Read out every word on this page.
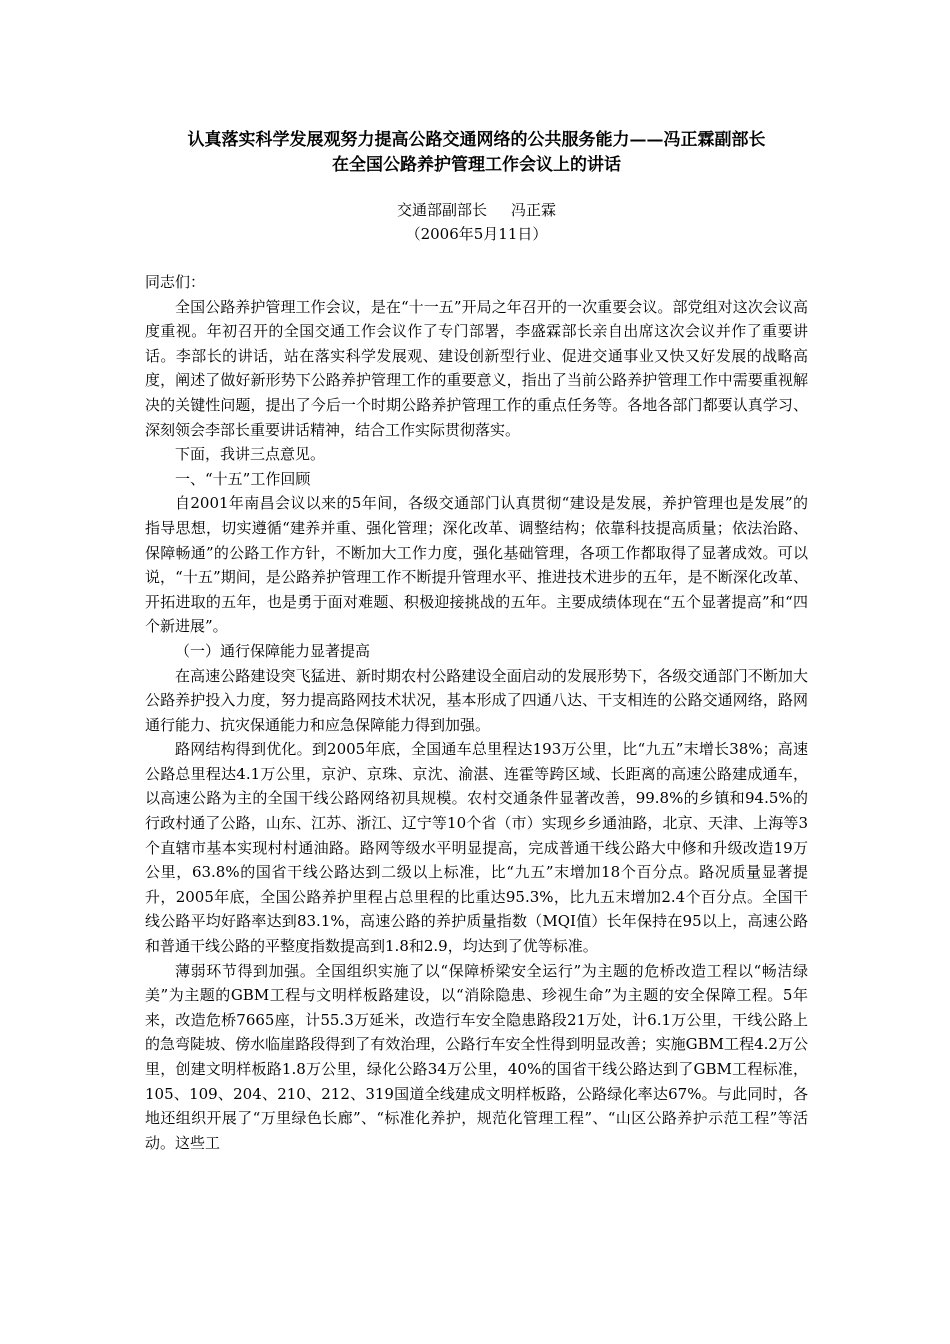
认真落实科学发展观努力提高公路交通网络的公共服务能力——冯正霖副部长
在全国公路养护管理工作会议上的讲话
交通部副部长 冯正霖
（2006年5月11日）

同志们：

全国公路养护管理工作会议，是在“十一五”开局之年召开的一次重要会议。部党组对这次会议高度重视。年初召开的全国交通工作会议作了专门部署，李盛霖部长亲自出席这次会议并作了重要讲话。李部长的讲话，站在落实科学发展观、建设创新型行业、促进交通事业又快又好发展的战略高度，阐述了做好新形势下公路养护管理工作的重要意义，指出了当前公路养护管理工作中需要重视解决的关键性问题，提出了今后一个时期公路养护管理工作的重点任务等。各地各部门都要认真学习、深刻领会李部长重要讲话精神，结合工作实际贯彻落实。

下面，我讲三点意见。

一、“十五”工作回顾

自2001年南昌会议以来的5年间，各级交通部门认真贯彻“建设是发展，养护管理也是发展”的指导思想，切实遵循“建养并重、强化管理；深化改革、调整结构；依靠科技提高质量；依法治路、保障畅通”的公路工作方针，不断加大工作力度，强化基础管理，各项工作都取得了显著成效。可以说，“十五”期间，是公路养护管理工作不断提升管理水平、推进技术进步的五年，是不断深化改革、开拓进取的五年，也是勇于面对难题、积极迎接挑战的五年。主要成绩体现在“五个显著提高”和“四个新进展”。

（一）通行保障能力显著提高

在高速公路建设突飞猛进、新时期农村公路建设全面启动的发展形势下，各级交通部门不断加大公路养护投入力度，努力提高路网技术状况，基本形成了四通八达、干支相连的公路交通网络，路网通行能力、抗灾保通能力和应急保障能力得到加强。

路网结构得到优化。到2005年底，全国通车总里程达193万公里，比“九五”末增长38%；高速公路总里程达4.1万公里，京沪、京珠、京沈、渝湛、连霍等跨区域、长距离的高速公路建成通车，以高速公路为主的全国干线公路网络初具规模。农村交通条件显著改善，99.8%的乡镇和94.5%的行政村通了公路，山东、江苏、浙江、辽宁等10个省（市）实现乡乡通油路，北京、天津、上海等3个直辖市基本实现村村通油路。路网等级水平明显提高，完成普通干线公路大中修和升级改造19万公里，63.8%的国省干线公路达到二级以上标准，比“九五”末增加18个百分点。路况质量显著提升，2005年底，全国公路养护里程占总里程的比重达95.3%，比九五末增加2.4个百分点。全国干线公路平均好路率达到83.1%，高速公路的养护质量指数（MQI值）长年保持在95以上，高速公路和普通干线公路的平整度指数提高到1.8和2.9，均达到了优等标准。

薄弱环节得到加强。全国组织实施了以“保障桥梁安全运行”为主题的危桥改造工程以“畅洁绿美”为主题的GBM工程与文明样板路建设，以“消除隐患、珍视生命”为主题的安全保障工程。5年来，改造危桥7665座，计55.3万延米，改造行车安全隐患路段21万处，计6.1万公里，干线公路上的急弯陡坡、傍水临崖路段得到了有效治理，公路行车安全性得到明显改善；实施GBM工程4.2万公里，创建文明样板路1.8万公里，绿化公路34万公里，40%的国省干线公路达到了GBM工程标准，105、109、204、210、212、319国道全线建成文明样板路，公路绿化率达67%。与此同时，各地还组织开展了“万里绿色长廊”、“标准化养护，规范化管理工程”、“山区公路养护示范工程”等活动。这些工
